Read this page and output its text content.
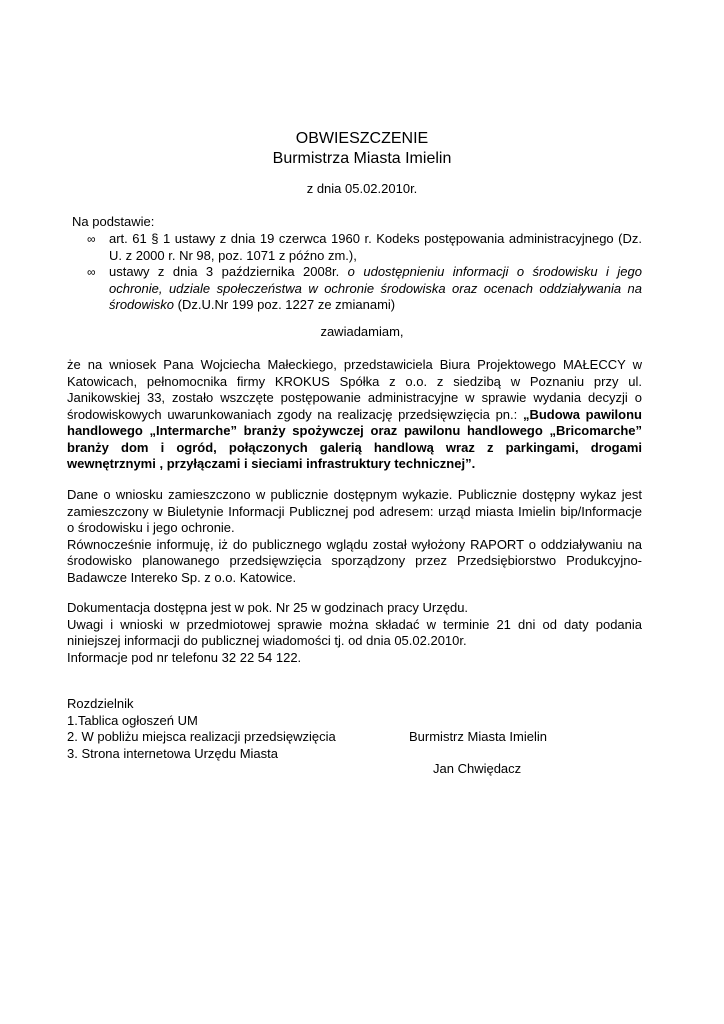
OBWIESZCZENIE
Burmistrza Miasta Imielin
z dnia 05.02.2010r.
Na podstawie:
∞ art. 61 § 1 ustawy z dnia 19 czerwca 1960 r. Kodeks postępowania administracyjnego (Dz.
U. z 2000 r. Nr 98, poz. 1071 z późno zm.),
∞ ustawy z dnia 3 października 2008r. o udostępnieniu informacji o środowisku i jego
ochronie, udziale społeczeństwa w ochronie środowiska oraz ocenach oddziaływania na
środowisko (Dz.U.Nr 199 poz. 1227 ze zmianami)
zawiadamiam,
że na wniosek Pana Wojciecha Małeckiego, przedstawiciela Biura Projektowego MAŁECCY w
Katowicach, pełnomocnika firmy KROKUS Spółka z o.o. z siedzibą w Poznaniu przy ul.
Janikowskiej 33, zostało wszczęte postępowanie administracyjne w sprawie wydania decyzji o
środowiskowych uwarunkowaniach zgody na realizację przedsięwzięcia pn.: „Budowa pawilonu
handlowego „Intermarche” branży spożywczej oraz pawilonu handlowego „Bricomarche”
branży dom i ogród, połączonych galerią handlową wraz z parkingami, drogami
wewnętrznymi , przyłączami i sieciami infrastruktury technicznej”.
Dane o wniosku zamieszczono w publicznie dostępnym wykazie. Publicznie dostępny wykaz jest
zamieszczony w Biuletynie Informacji Publicznej pod adresem: urząd miasta Imielin bip/Informacje
o środowisku i jego ochronie.
Równocześnie informuję, iż do publicznego wglądu został wyłożony RAPORT o oddziaływaniu na
środowisko planowanego przedsięwzięcia sporządzony przez Przedsiębiorstwo Produkcyjno-
Badawcze Intereko Sp. z o.o. Katowice.
Dokumentacja dostępna jest w pok. Nr 25 w godzinach pracy Urzędu.
Uwagi i wnioski w przedmiotowej sprawie można składać w terminie 21 dni od daty podania
niniejszej informacji do publicznej wiadomości tj. od dnia 05.02.2010r.
Informacje pod nr telefonu 32 22 54 122.
Rozdzielnik
1.Tablica ogłoszeń UM
2. W pobliżu miejsca realizacji przedsięwzięcia
3. Strona internetowa Urzędu Miasta
Burmistrz Miasta Imielin
Jan Chwiędacz
